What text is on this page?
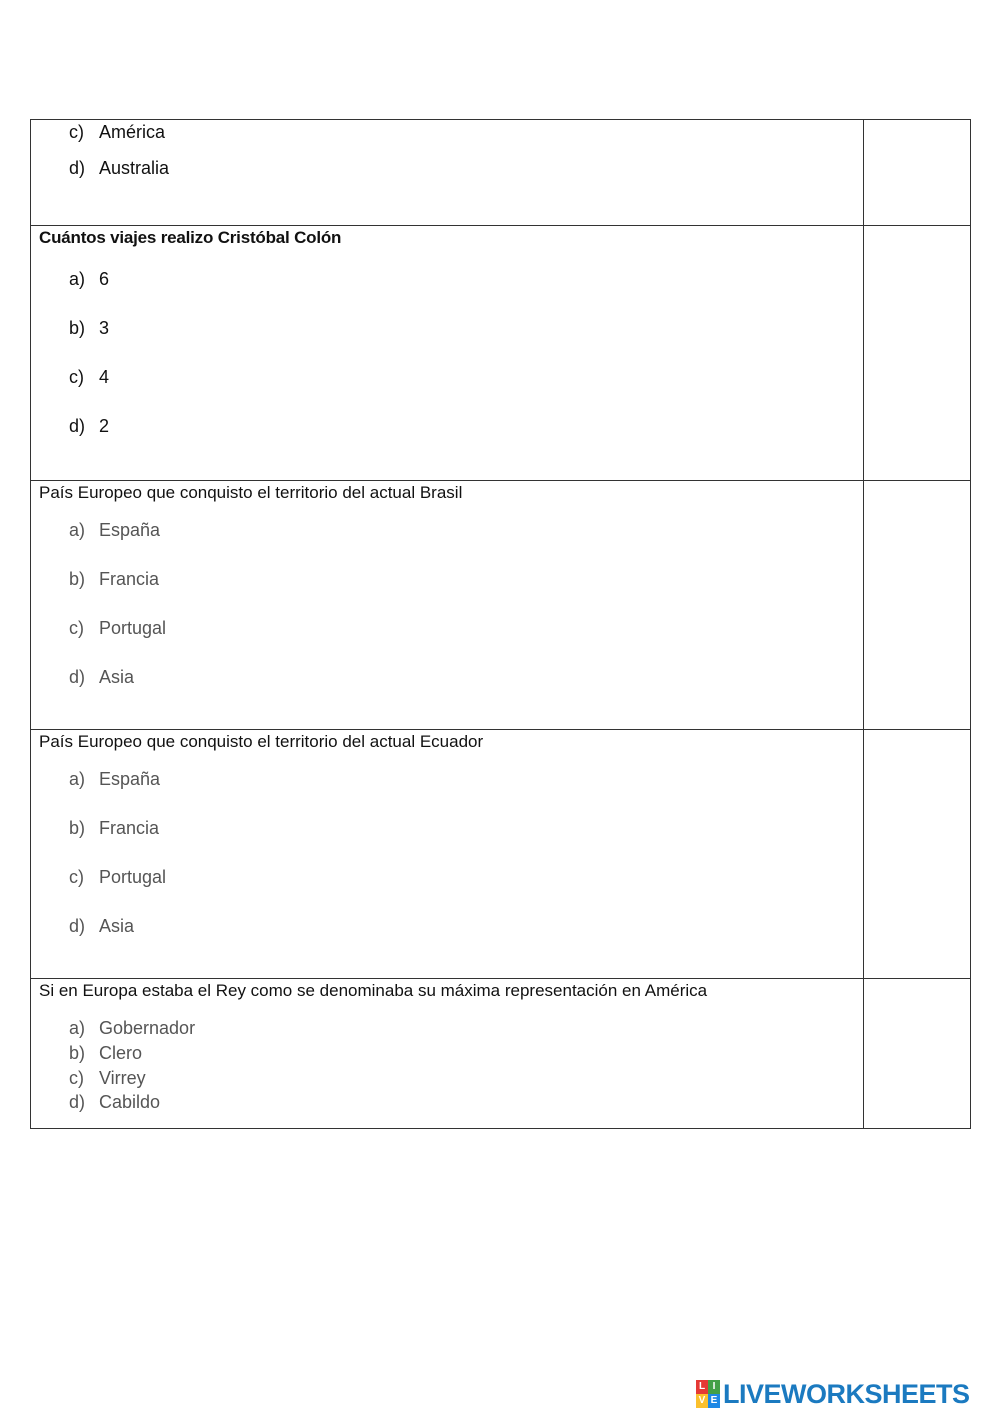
c) América
d) Australia	

Cuántos viajes realizo Cristóbal Colón
a) 6
b) 3
c) 4
d) 2	

País Europeo que conquisto el territorio del actual Brasil
a) España
b) Francia
c) Portugal
d) Asia	

País Europeo que conquisto el territorio del actual Ecuador
a) España
b) Francia
c) Portugal
d) Asia	

Si en Europa estaba el Rey como se denominaba su máxima representación en América
a) Gobernador
b) Clero
c) Virrey
d) Cabildo	

L I
V E LIVEWORKSHEETS
